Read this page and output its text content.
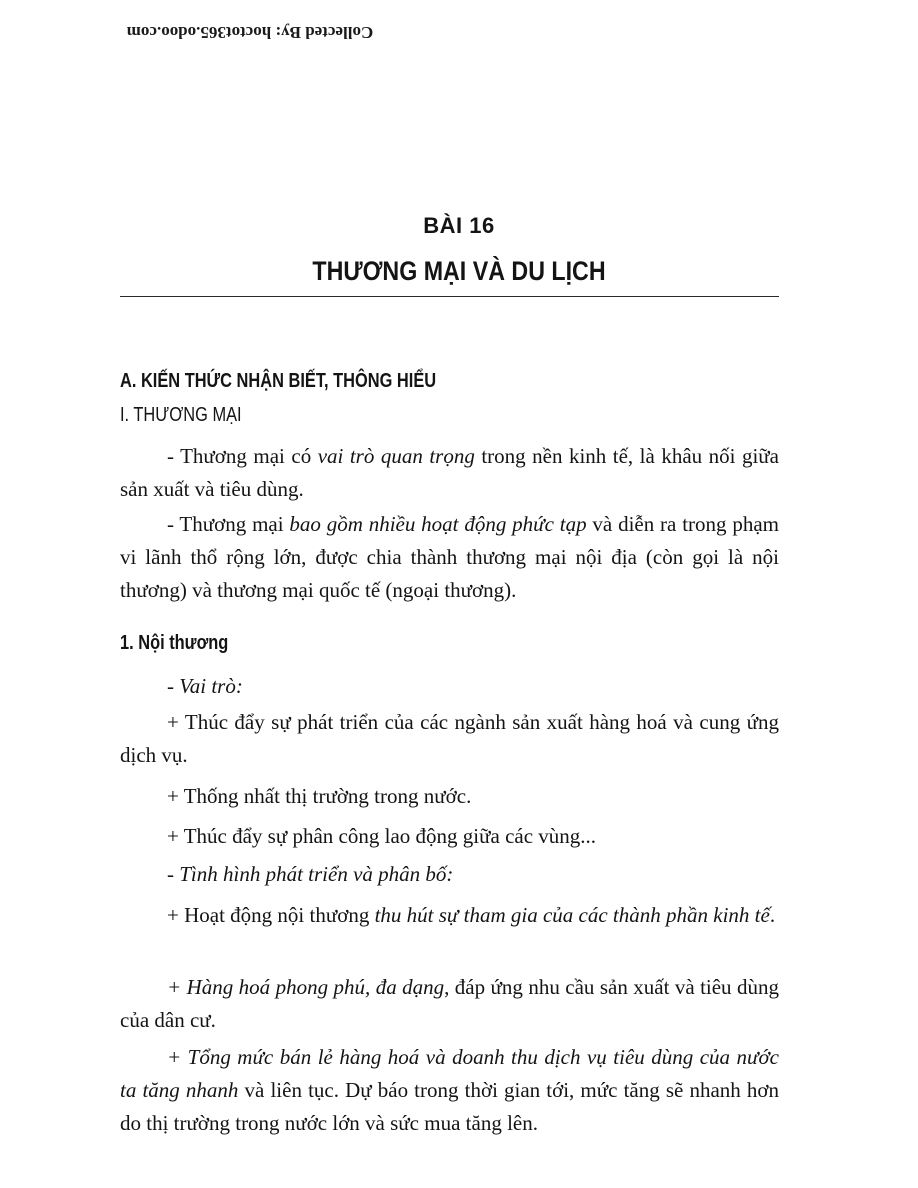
Collected By: hoctot365.odoo.com
BÀI 16
THƯƠNG MẠI VÀ DU LỊCH
A. KIẾN THỨC NHẬN BIẾT, THÔNG HIỂU
I. THƯƠNG MẠI

- Thương mại có vai trò quan trọng trong nền kinh tế, là khâu nối giữa sản xuất và tiêu dùng.

- Thương mại bao gồm nhiều hoạt động phức tạp và diễn ra trong phạm vi lãnh thổ rộng lớn, được chia thành thương mại nội địa (còn gọi là nội thương) và thương mại quốc tế (ngoại thương).

1. Nội thương

- Vai trò:

+ Thúc đẩy sự phát triển của các ngành sản xuất hàng hoá và cung ứng dịch vụ.

+ Thống nhất thị trường trong nước.

+ Thúc đẩy sự phân công lao động giữa các vùng...

- Tình hình phát triển và phân bố:

+ Hoạt động nội thương thu hút sự tham gia của các thành phần kinh tế.

+ Hàng hoá phong phú, đa dạng, đáp ứng nhu cầu sản xuất và tiêu dùng của dân cư.

+ Tổng mức bán lẻ hàng hoá và doanh thu dịch vụ tiêu dùng của nước ta tăng nhanh và liên tục. Dự báo trong thời gian tới, mức tăng sẽ nhanh hơn do thị trường trong nước lớn và sức mua tăng lên.
